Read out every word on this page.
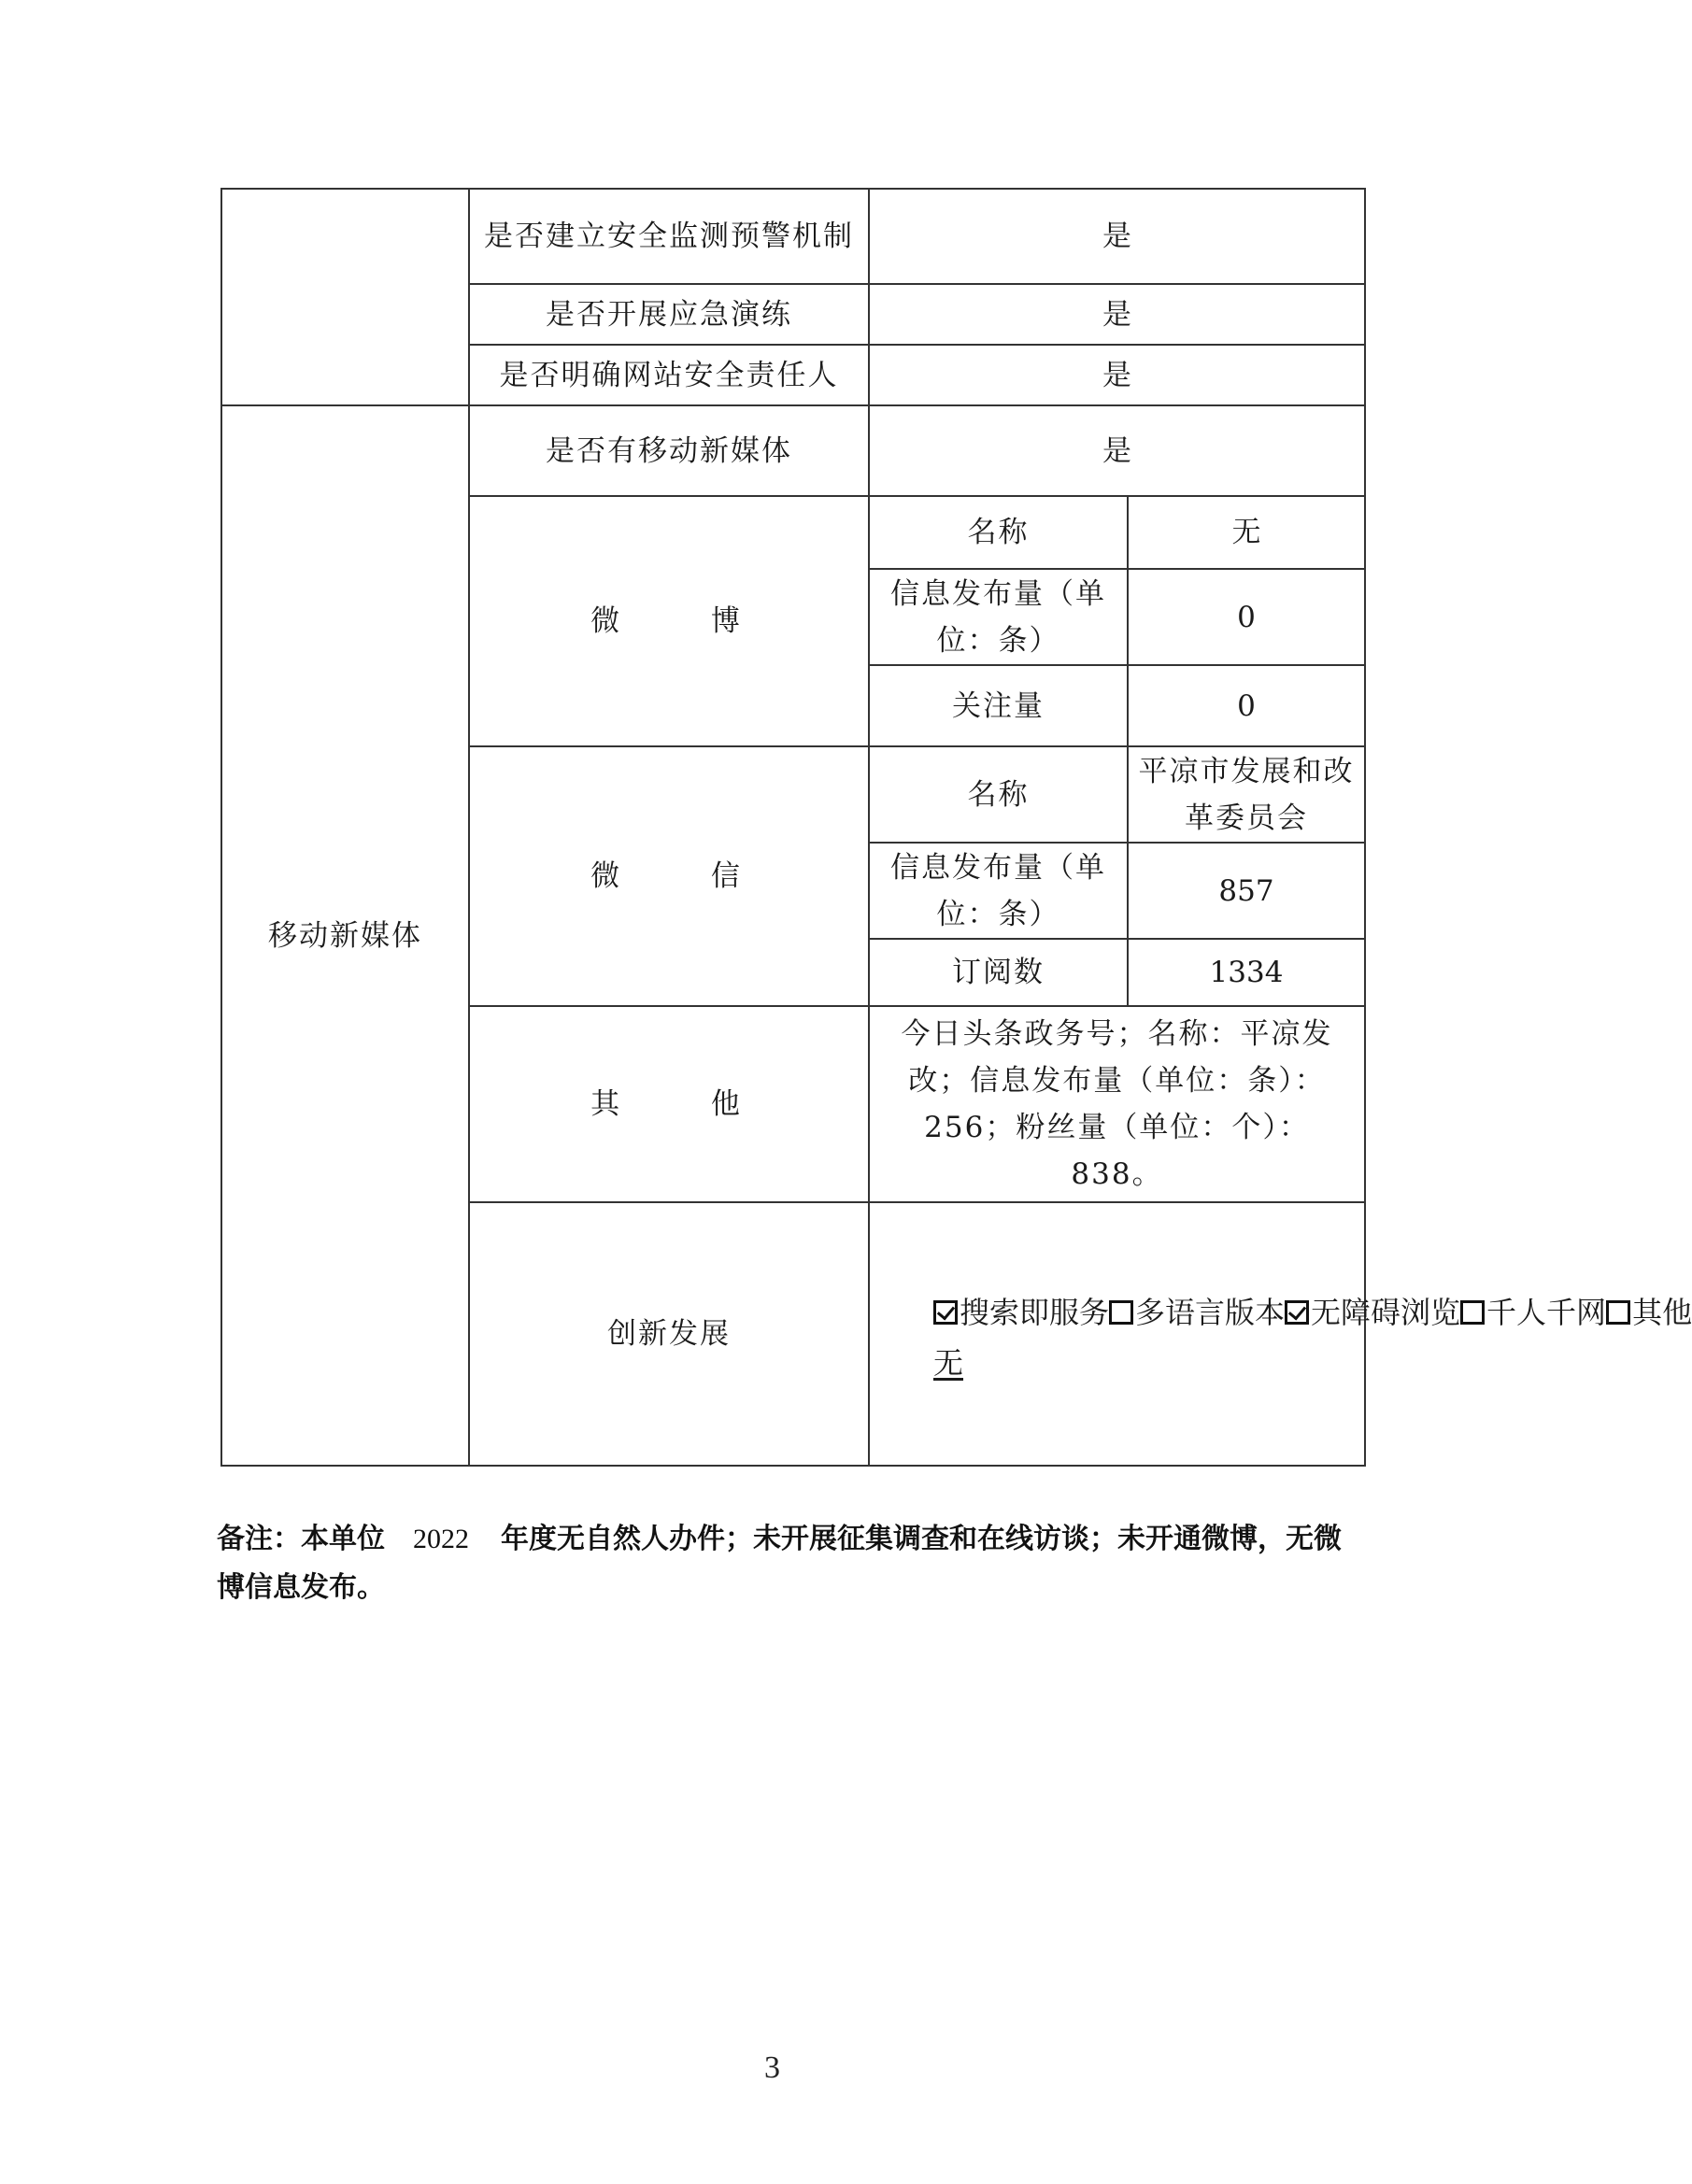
	是否建立安全监测预警机制	是	
	是否开展应急演练	是	
	是否明确网站安全责任人	是	
移动新媒体	是否有移动新媒体	是	
	微 博	名称	无
		信息发布量（单位：条）	0
		关注量	0
	微 信	名称	平凉市发展和改革委员会
		信息发布量（单位：条）	857
		订阅数	1334
	其 他	今日头条政务号；名称：平凉发改；信息发布量（单位：条）：256；粉丝量（单位：个）：838。	
	创新发展	搜索即服务 多语言版本 无障碍浏览 千人千网 其他
无	
备注：本单位 2022 年度无自然人办件；未开展征集调查和在线访谈；未开通微博，无微博信息发布。
3
